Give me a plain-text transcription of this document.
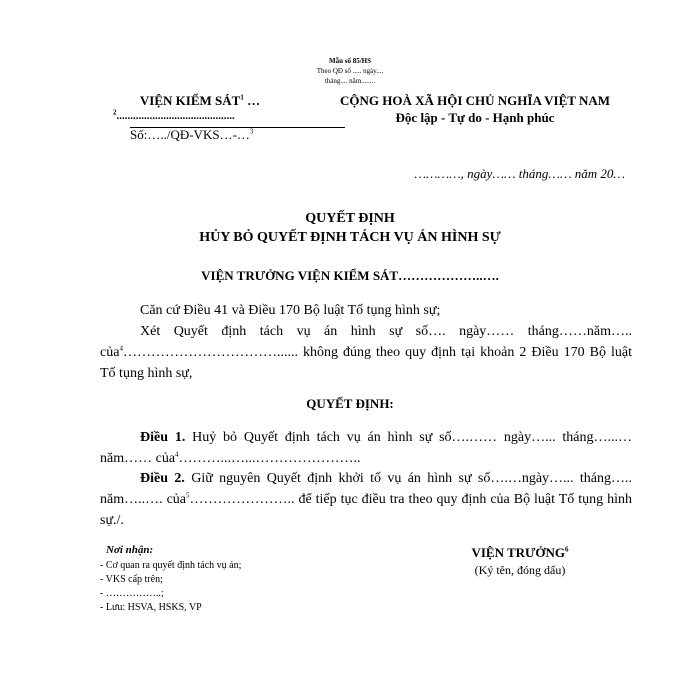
Mẫu số 85/HS
Theo QĐ số ..... ngày....
tháng.... năm........
VIỆN KIỂM SÁT$^1$ …
$^2$...........................................
Số:…../QĐ-VKS…-…$^3$
CỘNG HOÀ XÃ HỘI CHỦ NGHĨA VIỆT NAM
Độc lập - Tự do - Hạnh phúc
…………, ngày…… tháng…… năm 20…
QUYẾT ĐỊNH
HỦY BỎ QUYẾT ĐỊNH TÁCH VỤ ÁN HÌNH SỰ
VIỆN TRƯỞNG VIỆN KIỂM SÁT………………..….
Căn cứ Điều 41 và Điều 170 Bộ luật Tố tụng hình sự;
Xét Quyết định tách vụ án hình sự số…. ngày…… tháng……năm….. của$^4$……………………………...... không đúng theo quy định tại khoản 2 Điều 170 Bộ luật Tố tụng hình sự,
QUYẾT ĐỊNH:
Điều 1. Huỷ bỏ Quyết định tách vụ án hình sự số….…… ngày…... tháng…...… năm…… của$^4$………...…...…………………..
Điều 2. Giữ nguyên Quyết định khởi tố vụ án hình sự số….…ngày…... tháng….. năm…..…. của$^5$………………….. để tiếp tục điều tra theo quy định của Bộ luật Tố tụng hình sự./.
Nơi nhận:
- Cơ quan ra quyết định tách vụ án;
- VKS cấp trên;
- ……………..;
- Lưu: HSVA, HSKS, VP
VIỆN TRƯỞNG$^6$
(Ký tên, đóng dấu)
